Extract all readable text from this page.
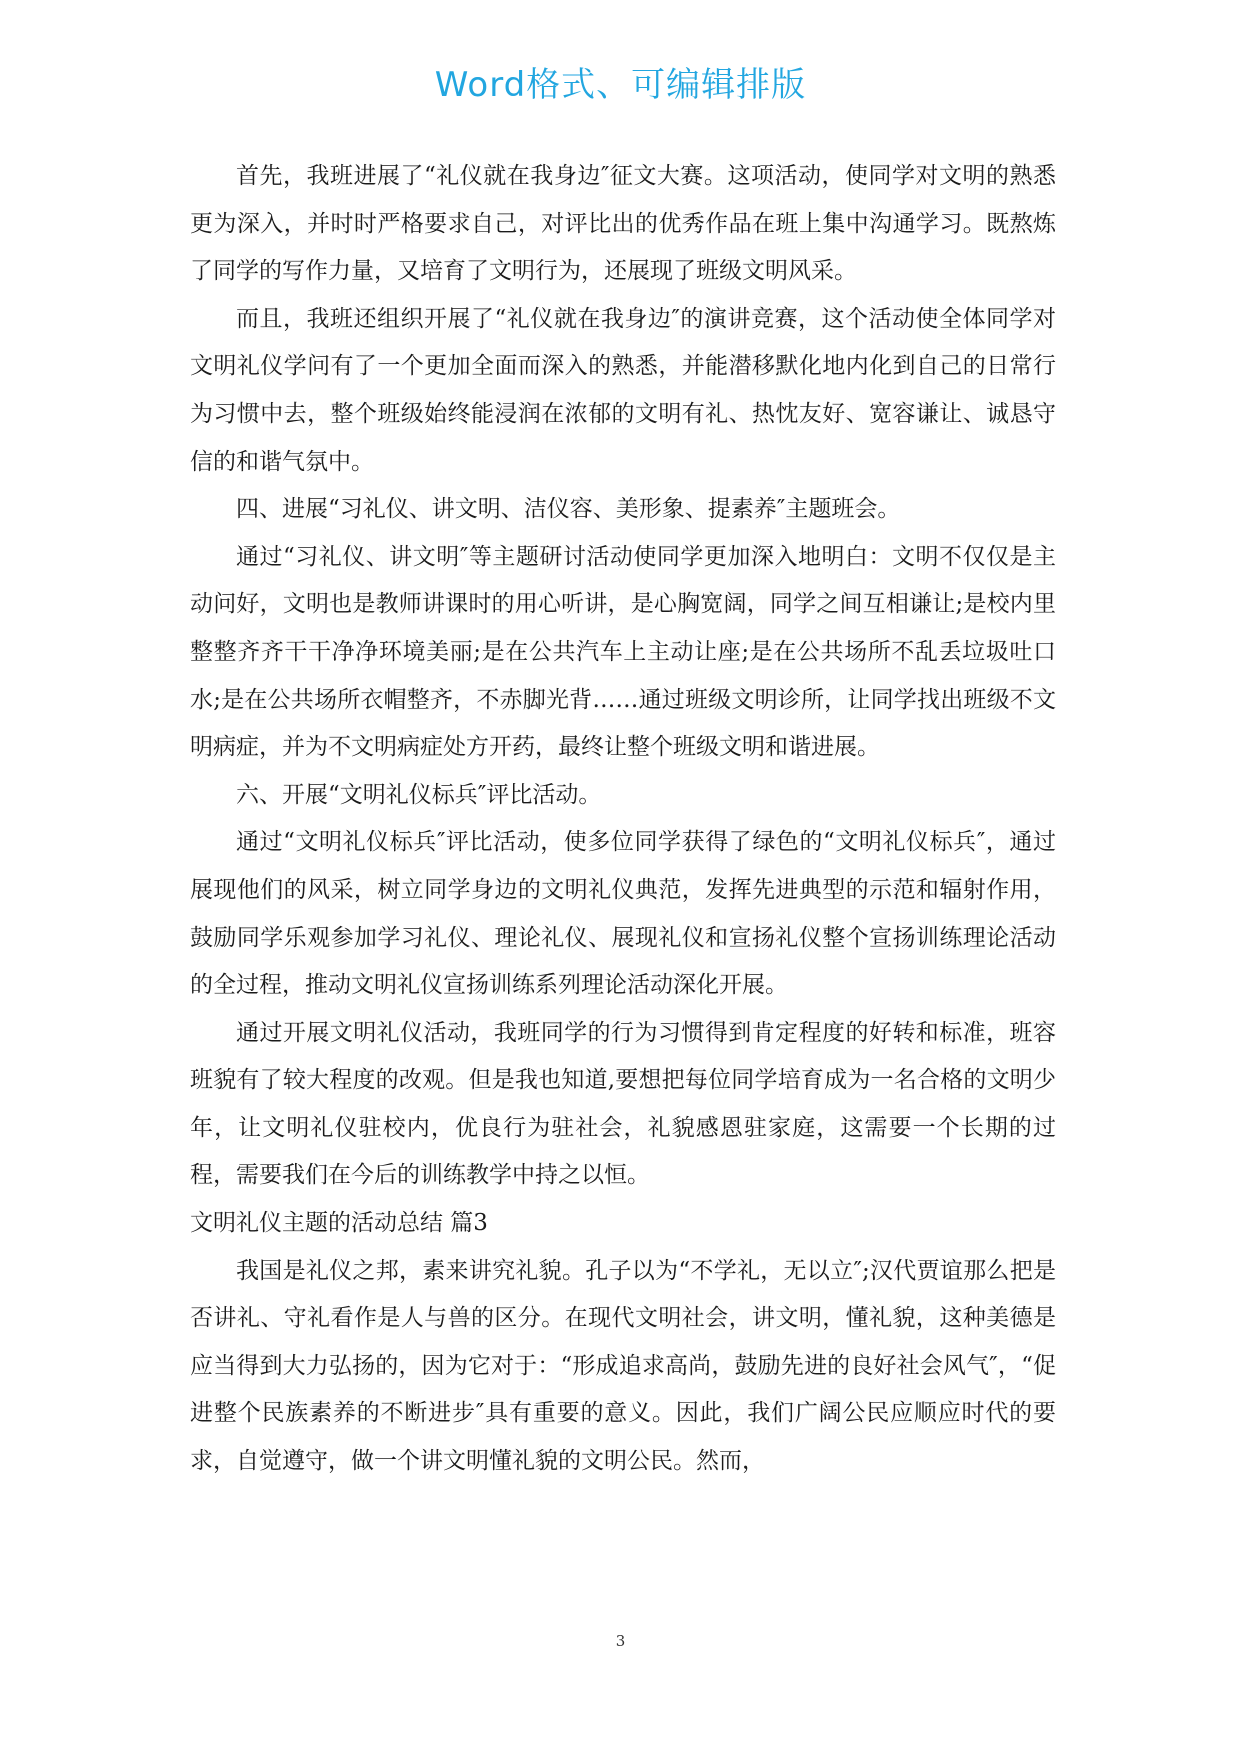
Word格式、可编辑排版

首先，我班进展了“礼仪就在我身边″征文大赛。这项活动，使同学对文明的熟悉更为深入，并时时严格要求自己，对评比出的优秀作品在班上集中沟通学习。既熬炼了同学的写作力量，又培育了文明行为，还展现了班级文明风采。

而且，我班还组织开展了“礼仪就在我身边″的演讲竞赛，这个活动使全体同学对文明礼仪学问有了一个更加全面而深入的熟悉，并能潜移默化地内化到自己的日常行为习惯中去，整个班级始终能浸润在浓郁的文明有礼、热忱友好、宽容谦让、诚恳守信的和谐气氛中。

四、进展“习礼仪、讲文明、洁仪容、美形象、提素养″主题班会。

通过“习礼仪、讲文明″等主题研讨活动使同学更加深入地明白：文明不仅仅是主动问好，文明也是教师讲课时的用心听讲，是心胸宽阔，同学之间互相谦让;是校内里整整齐齐干干净净环境美丽;是在公共汽车上主动让座;是在公共场所不乱丢垃圾吐口水;是在公共场所衣帽整齐，不赤脚光背……通过班级文明诊所，让同学找出班级不文明病症，并为不文明病症处方开药，最终让整个班级文明和谐进展。

六、开展“文明礼仪标兵″评比活动。

通过“文明礼仪标兵″评比活动，使多位同学获得了绿色的“文明礼仪标兵″，通过展现他们的风采，树立同学身边的文明礼仪典范，发挥先进典型的示范和辐射作用，鼓励同学乐观参加学习礼仪、理论礼仪、展现礼仪和宣扬礼仪整个宣扬训练理论活动的全过程，推动文明礼仪宣扬训练系列理论活动深化开展。

通过开展文明礼仪活动，我班同学的行为习惯得到肯定程度的好转和标准，班容班貌有了较大程度的改观。但是我也知道,要想把每位同学培育成为一名合格的文明少年，让文明礼仪驻校内，优良行为驻社会，礼貌感恩驻家庭，这需要一个长期的过程，需要我们在今后的训练教学中持之以恒。

文明礼仪主题的活动总结 篇3

我国是礼仪之邦，素来讲究礼貌。孔子以为“不学礼，无以立″;汉代贾谊那么把是否讲礼、守礼看作是人与兽的区分。在现代文明社会，讲文明，懂礼貌，这种美德是应当得到大力弘扬的，因为它对于：“形成追求高尚，鼓励先进的良好社会风气″，“促进整个民族素养的不断进步″具有重要的意义。因此，我们广阔公民应顺应时代的要求，自觉遵守，做一个讲文明懂礼貌的文明公民。然而，

3
